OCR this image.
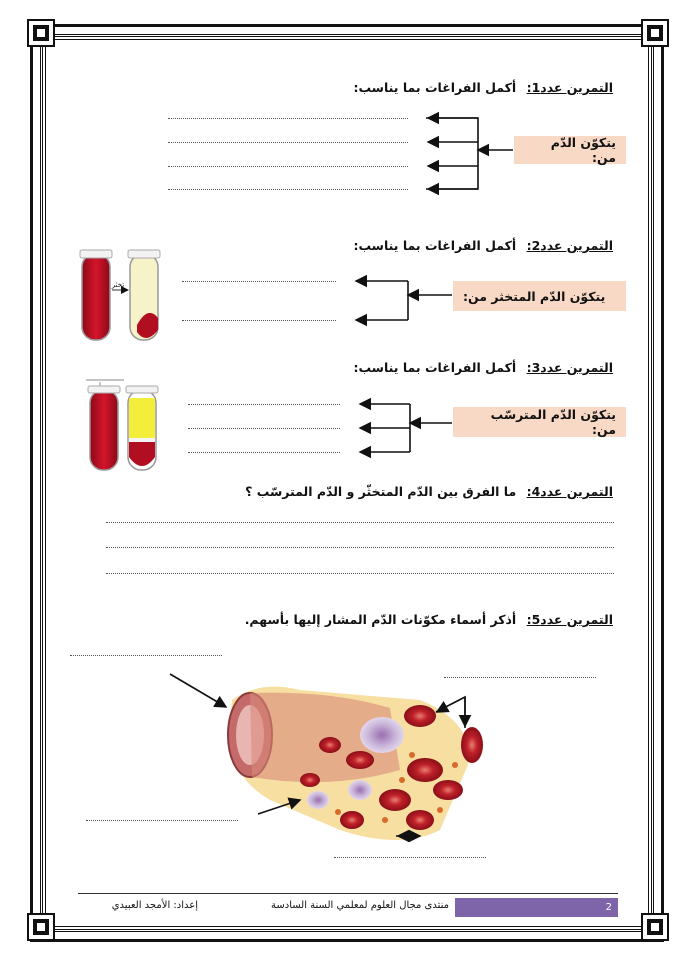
تخثر
التمرين عدد1: أكمل الفراغات بما يناسب:
يتكوّن الدّم من:
التمرين عدد2: أكمل الفراغات بما يناسب:
يتكوّن الدّم المتخثر من:
التمرين عدد3: أكمل الفراغات بما يناسب:
يتكوّن الدّم المترسّب من:
التمرين عدد4: ما الفرق بين الدّم المتخثّر و الدّم المترسّب ؟
التمرين عدد5: أذكر أسماء مكوّنات الدّم المشار إليها بأسهم.
2
منتدى مجال العلوم لمعلمي السنة السادسة
إعداد: الأمجد العبيدي
